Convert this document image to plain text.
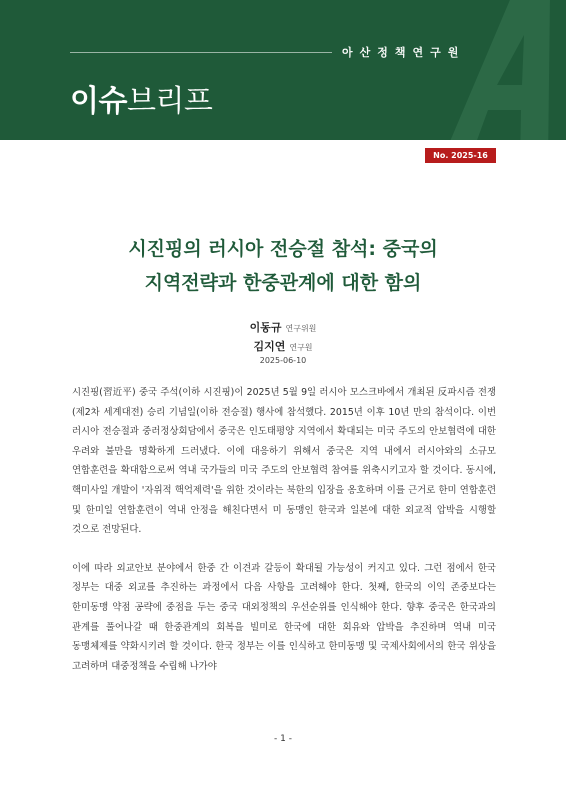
아산정책연구원
이슈브리프
No. 2025-16
시진핑의 러시아 전승절 참석: 중국의
지역전략과 한중관계에 대한 함의
이동규 연구위원
김지연 연구원
2025-06-10

시진핑(習近平) 중국 주석(이하 시진핑)이 2025년 5월 9일 러시아 모스크바에서 개최된 反파시즘 전쟁(제2차 세계대전) 승리 기념일(이하 전승절) 행사에 참석했다. 2015년 이후 10년 만의 참석이다. 이번 러시아 전승절과 중러정상회담에서 중국은 인도태평양 지역에서 확대되는 미국 주도의 안보협력에 대한 우려와 불만을 명확하게 드러냈다. 이에 대응하기 위해서 중국은 지역 내에서 러시아와의 소규모 연합훈련을 확대함으로써 역내 국가들의 미국 주도의 안보협력 참여를 위축시키고자 할 것이다. 동시에, 핵미사일 개발이 '자위적 핵억제력'을 위한 것이라는 북한의 입장을 옹호하며 이를 근거로 한미 연합훈련 및 한미일 연합훈련이 역내 안정을 해친다면서 미 동맹인 한국과 일본에 대한 외교적 압박을 시행할 것으로 전망된다.

이에 따라 외교안보 분야에서 한중 간 이견과 갈등이 확대될 가능성이 커지고 있다. 그런 점에서 한국 정부는 대중 외교를 추진하는 과정에서 다음 사항을 고려해야 한다. 첫째, 한국의 이익 존중보다는 한미동맹 약점 공략에 중점을 두는 중국 대외정책의 우선순위를 인식해야 한다. 향후 중국은 한국과의 관계를 풀어나갈 때 한중관계의 회복을 빌미로 한국에 대한 회유와 압박을 추진하며 역내 미국 동맹체제를 약화시키려 할 것이다. 한국 정부는 이를 인식하고 한미동맹 및 국제사회에서의 한국 위상을 고려하며 대중정책을 수립해 나가야

- 1 -
